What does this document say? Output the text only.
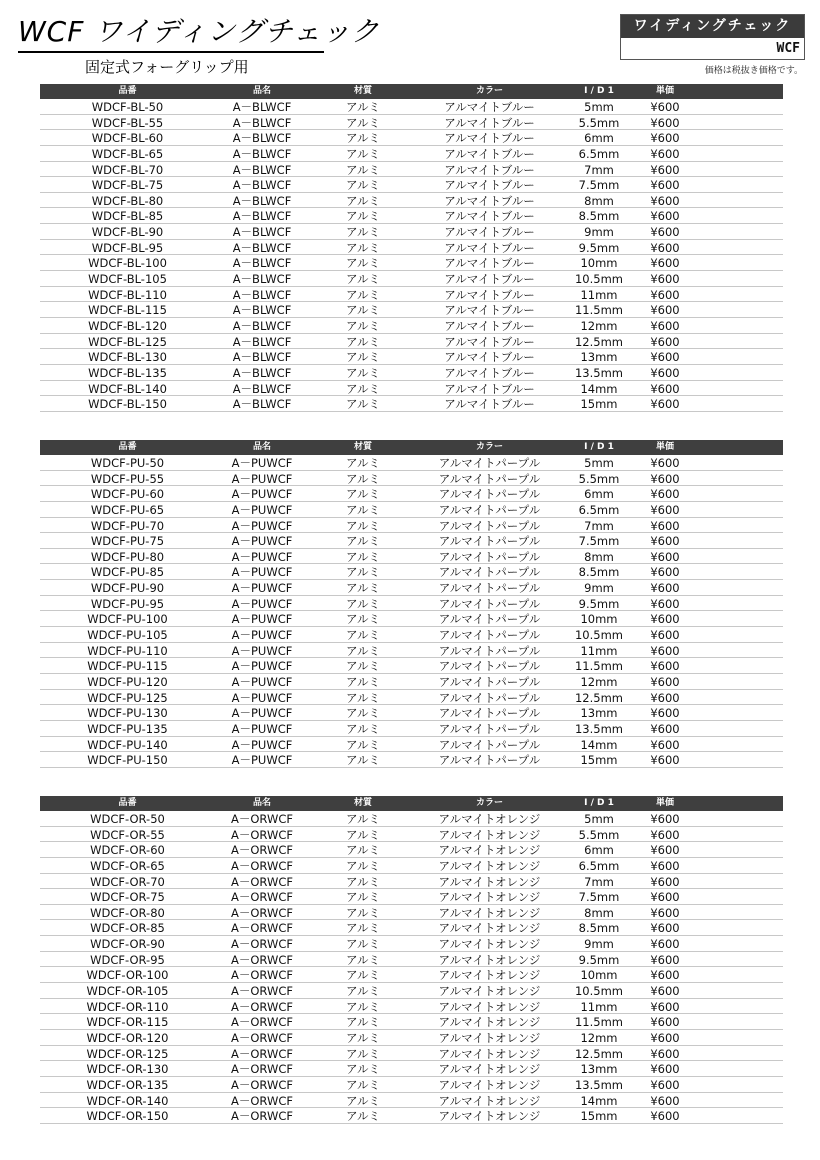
WCF ワイディングチェック
固定式フォーグリップ用
ワイディングチェック
WCF
価格は税抜き価格です。
品番	品名	材質	カラー	I / D 1	単価
WDCF-BL-50	A－BLWCF	アルミ	アルマイトブルー	5mm	¥600
WDCF-BL-55	A－BLWCF	アルミ	アルマイトブルー	5.5mm	¥600
WDCF-BL-60	A－BLWCF	アルミ	アルマイトブルー	6mm	¥600
WDCF-BL-65	A－BLWCF	アルミ	アルマイトブルー	6.5mm	¥600
WDCF-BL-70	A－BLWCF	アルミ	アルマイトブルー	7mm	¥600
WDCF-BL-75	A－BLWCF	アルミ	アルマイトブルー	7.5mm	¥600
WDCF-BL-80	A－BLWCF	アルミ	アルマイトブルー	8mm	¥600
WDCF-BL-85	A－BLWCF	アルミ	アルマイトブルー	8.5mm	¥600
WDCF-BL-90	A－BLWCF	アルミ	アルマイトブルー	9mm	¥600
WDCF-BL-95	A－BLWCF	アルミ	アルマイトブルー	9.5mm	¥600
WDCF-BL-100	A－BLWCF	アルミ	アルマイトブルー	10mm	¥600
WDCF-BL-105	A－BLWCF	アルミ	アルマイトブルー	10.5mm	¥600
WDCF-BL-110	A－BLWCF	アルミ	アルマイトブルー	11mm	¥600
WDCF-BL-115	A－BLWCF	アルミ	アルマイトブルー	11.5mm	¥600
WDCF-BL-120	A－BLWCF	アルミ	アルマイトブルー	12mm	¥600
WDCF-BL-125	A－BLWCF	アルミ	アルマイトブルー	12.5mm	¥600
WDCF-BL-130	A－BLWCF	アルミ	アルマイトブルー	13mm	¥600
WDCF-BL-135	A－BLWCF	アルミ	アルマイトブルー	13.5mm	¥600
WDCF-BL-140	A－BLWCF	アルミ	アルマイトブルー	14mm	¥600
WDCF-BL-150	A－BLWCF	アルミ	アルマイトブルー	15mm	¥600
品番	品名	材質	カラー	I / D 1	単価
WDCF-PU-50	A－PUWCF	アルミ	アルマイトパープル	5mm	¥600
WDCF-PU-55	A－PUWCF	アルミ	アルマイトパープル	5.5mm	¥600
WDCF-PU-60	A－PUWCF	アルミ	アルマイトパープル	6mm	¥600
WDCF-PU-65	A－PUWCF	アルミ	アルマイトパープル	6.5mm	¥600
WDCF-PU-70	A－PUWCF	アルミ	アルマイトパープル	7mm	¥600
WDCF-PU-75	A－PUWCF	アルミ	アルマイトパープル	7.5mm	¥600
WDCF-PU-80	A－PUWCF	アルミ	アルマイトパープル	8mm	¥600
WDCF-PU-85	A－PUWCF	アルミ	アルマイトパープル	8.5mm	¥600
WDCF-PU-90	A－PUWCF	アルミ	アルマイトパープル	9mm	¥600
WDCF-PU-95	A－PUWCF	アルミ	アルマイトパープル	9.5mm	¥600
WDCF-PU-100	A－PUWCF	アルミ	アルマイトパープル	10mm	¥600
WDCF-PU-105	A－PUWCF	アルミ	アルマイトパープル	10.5mm	¥600
WDCF-PU-110	A－PUWCF	アルミ	アルマイトパープル	11mm	¥600
WDCF-PU-115	A－PUWCF	アルミ	アルマイトパープル	11.5mm	¥600
WDCF-PU-120	A－PUWCF	アルミ	アルマイトパープル	12mm	¥600
WDCF-PU-125	A－PUWCF	アルミ	アルマイトパープル	12.5mm	¥600
WDCF-PU-130	A－PUWCF	アルミ	アルマイトパープル	13mm	¥600
WDCF-PU-135	A－PUWCF	アルミ	アルマイトパープル	13.5mm	¥600
WDCF-PU-140	A－PUWCF	アルミ	アルマイトパープル	14mm	¥600
WDCF-PU-150	A－PUWCF	アルミ	アルマイトパープル	15mm	¥600
品番	品名	材質	カラー	I / D 1	単価
WDCF-OR-50	A－ORWCF	アルミ	アルマイトオレンジ	5mm	¥600
WDCF-OR-55	A－ORWCF	アルミ	アルマイトオレンジ	5.5mm	¥600
WDCF-OR-60	A－ORWCF	アルミ	アルマイトオレンジ	6mm	¥600
WDCF-OR-65	A－ORWCF	アルミ	アルマイトオレンジ	6.5mm	¥600
WDCF-OR-70	A－ORWCF	アルミ	アルマイトオレンジ	7mm	¥600
WDCF-OR-75	A－ORWCF	アルミ	アルマイトオレンジ	7.5mm	¥600
WDCF-OR-80	A－ORWCF	アルミ	アルマイトオレンジ	8mm	¥600
WDCF-OR-85	A－ORWCF	アルミ	アルマイトオレンジ	8.5mm	¥600
WDCF-OR-90	A－ORWCF	アルミ	アルマイトオレンジ	9mm	¥600
WDCF-OR-95	A－ORWCF	アルミ	アルマイトオレンジ	9.5mm	¥600
WDCF-OR-100	A－ORWCF	アルミ	アルマイトオレンジ	10mm	¥600
WDCF-OR-105	A－ORWCF	アルミ	アルマイトオレンジ	10.5mm	¥600
WDCF-OR-110	A－ORWCF	アルミ	アルマイトオレンジ	11mm	¥600
WDCF-OR-115	A－ORWCF	アルミ	アルマイトオレンジ	11.5mm	¥600
WDCF-OR-120	A－ORWCF	アルミ	アルマイトオレンジ	12mm	¥600
WDCF-OR-125	A－ORWCF	アルミ	アルマイトオレンジ	12.5mm	¥600
WDCF-OR-130	A－ORWCF	アルミ	アルマイトオレンジ	13mm	¥600
WDCF-OR-135	A－ORWCF	アルミ	アルマイトオレンジ	13.5mm	¥600
WDCF-OR-140	A－ORWCF	アルミ	アルマイトオレンジ	14mm	¥600
WDCF-OR-150	A－ORWCF	アルミ	アルマイトオレンジ	15mm	¥600
